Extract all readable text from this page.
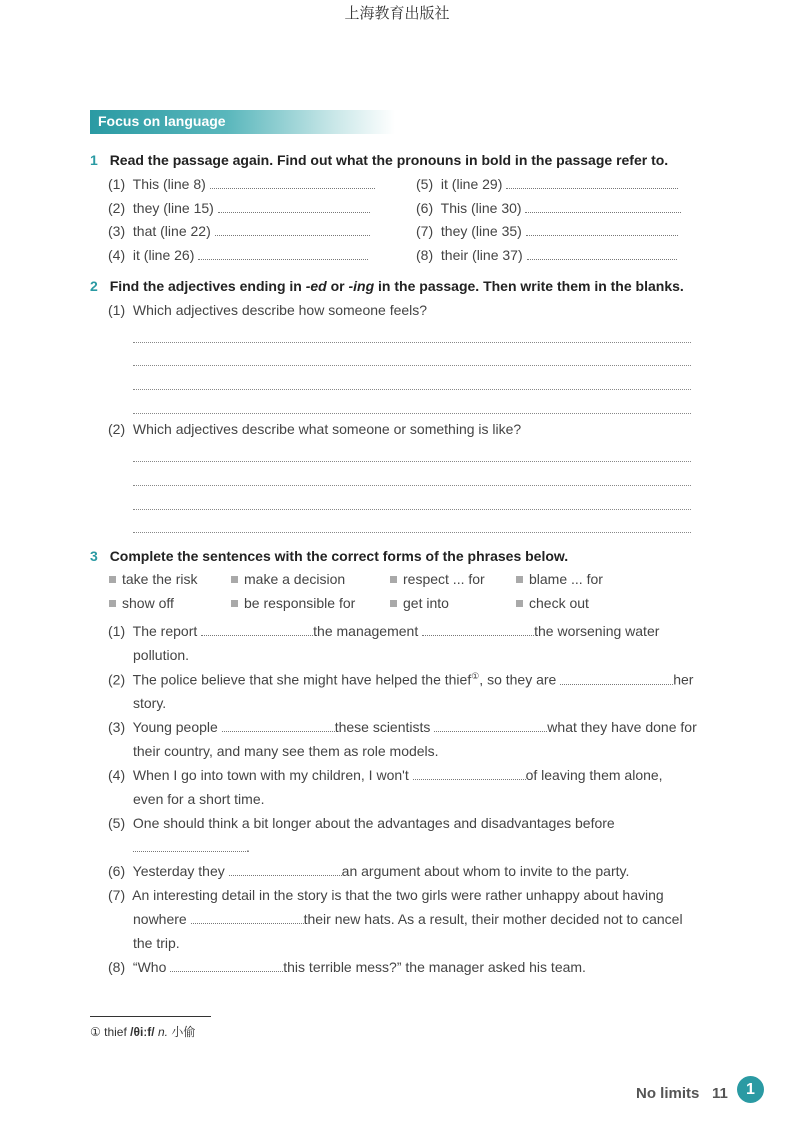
上海教育出版社
Focus on language
1 Read the passage again. Find out what the pronouns in bold in the passage refer to.
(1) This (line 8)
(2) they (line 15)
(3) that (line 22)
(4) it (line 26)
(5) it (line 29)
(6) This (line 30)
(7) they (line 35)
(8) their (line 37)
2 Find the adjectives ending in -ed or -ing in the passage. Then write them in the blanks.
(1) Which adjectives describe how someone feels?
(2) Which adjectives describe what someone or something is like?
3 Complete the sentences with the correct forms of the phrases below.
take the risk	make a decision	respect ... for	blame ... for
show off	be responsible for	get into	check out
(1) The report	the management	the worsening water
pollution.
(2) The police believe that she might have helped the thief①, so they are	her
story.
(3) Young people	these scientists	what they have done for
their country, and many see them as role models.
(4) When I go into town with my children, I won't	of leaving them alone,
even for a short time.
(5) One should think a bit longer about the advantages and disadvantages before
.
(6) Yesterday they	an argument about whom to invite to the party.
(7) An interesting detail in the story is that the two girls were rather unhappy about having
nowhere	their new hats. As a result, their mother decided not to cancel
the trip.
(8) “Who	this terrible mess?” the manager asked his team.
① thief /θiːf/ n. 小偷
No limits 11	1
